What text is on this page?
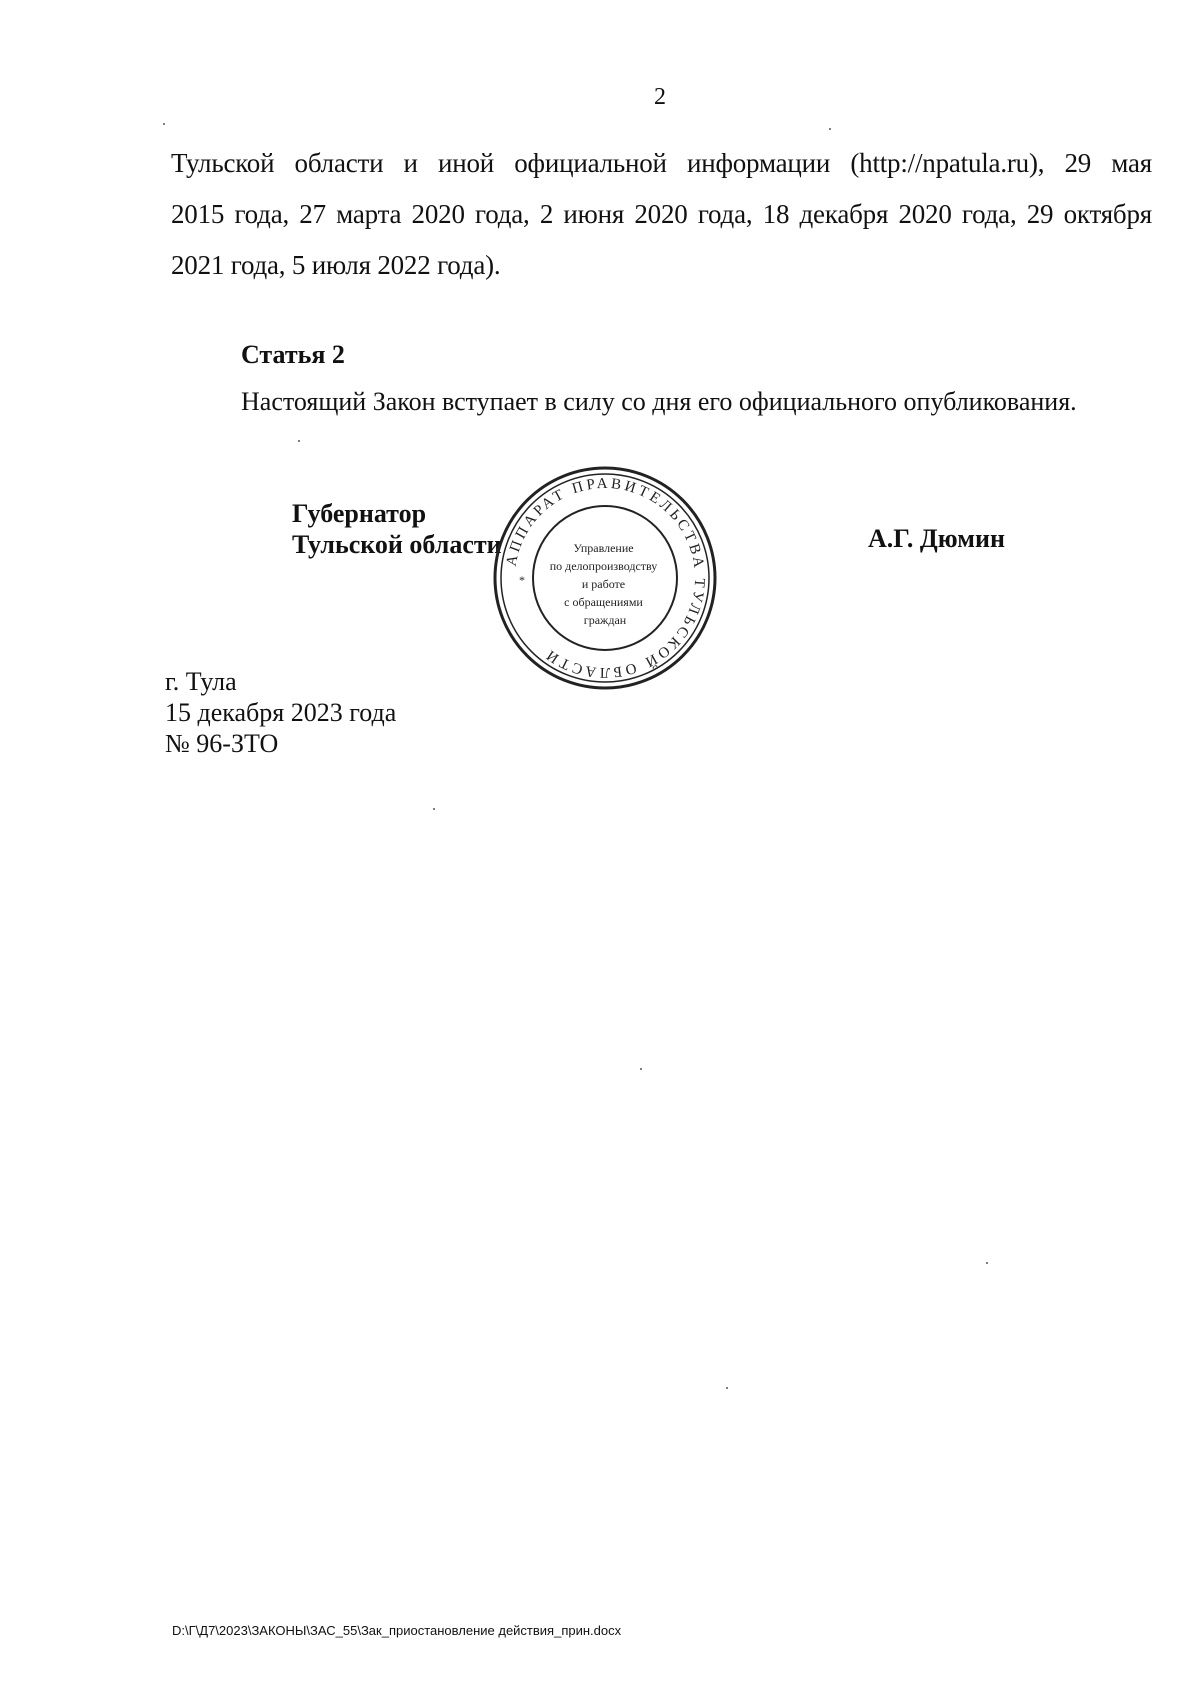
2
Тульской области и иной официальной информации (http://npatula.ru), 29 мая
2015 года, 27 марта 2020 года, 2 июня 2020 года, 18 декабря 2020 года, 29 октября
2021 года, 5 июля 2022 года).
Статья 2
Настоящий Закон вступает в силу со дня его официального опубликования.
Губернатор
Тульской области	А.Г. Дюмин
АППАРАТ ПРАВИТЕЛЬСТВА ТУЛЬСКОЙ ОБЛАСТИ
*
Управление по делопроизводству и работе с обращениями граждан
г. Тула
15 декабря 2023 года
№ 96-ЗТО
D:\Г\Д7\2023\ЗАКОНЫ\ЗАС_55\Зак_приостановление действия_прин.docx
